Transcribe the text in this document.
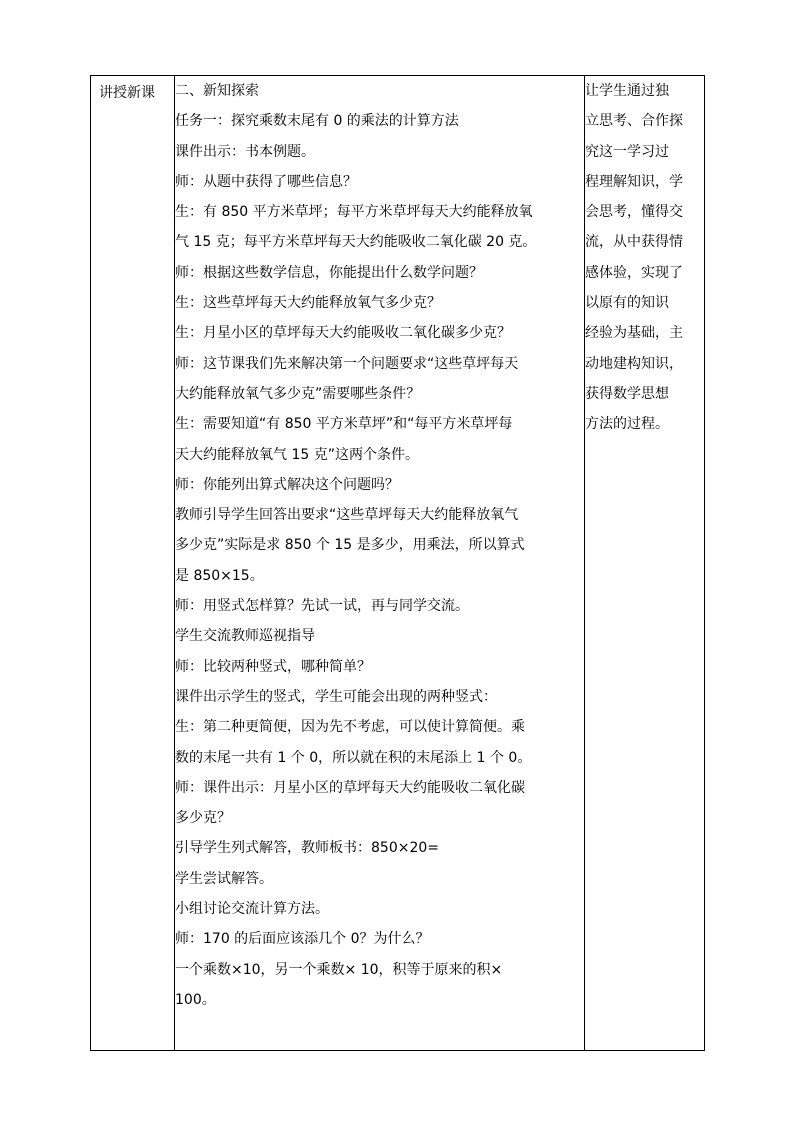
讲授新课	二、新知探索
任务一：探究乘数末尾有 0 的乘法的计算方法
课件出示：书本例题。
师：从题中获得了哪些信息？
生：有 850 平方米草坪；每平方米草坪每天大约能释放氧
气 15 克；每平方米草坪每天大约能吸收二氧化碳 20 克。
师：根据这些数学信息，你能提出什么数学问题？
生：这些草坪每天大约能释放氧气多少克？
生：月星小区的草坪每天大约能吸收二氧化碳多少克？
师：这节课我们先来解决第一个问题要求“这些草坪每天
大约能释放氧气多少克”需要哪些条件？
生：需要知道“有 850 平方米草坪”和“每平方米草坪每
天大约能释放氧气 15 克”这两个条件。
师：你能列出算式解决这个问题吗？
教师引导学生回答出要求“这些草坪每天大约能释放氧气
多少克”实际是求 850 个 15 是多少，用乘法，所以算式
是 850×15。
师：用竖式怎样算？先试一试，再与同学交流。
学生交流教师巡视指导
师：比较两种竖式，哪种简单？
课件出示学生的竖式，学生可能会出现的两种竖式：
生：第二种更简便，因为先不考虑，可以使计算简便。乘
数的末尾一共有 1 个 0，所以就在积的末尾添上 1 个 0。
师：课件出示：月星小区的草坪每天大约能吸收二氧化碳
多少克？
引导学生列式解答，教师板书：850×20=
学生尝试解答。
小组讨论交流计算方法。
师：170 的后面应该添几个 0？为什么？
一个乘数×10，另一个乘数× 10，积等于原来的积×
100。

让学生通过独
立思考、合作探
究这一学习过
程理解知识，学
会思考，懂得交
流，从中获得情
感体验，实现了
以原有的知识
经验为基础，主
动地建构知识，
获得数学思想
方法的过程。
